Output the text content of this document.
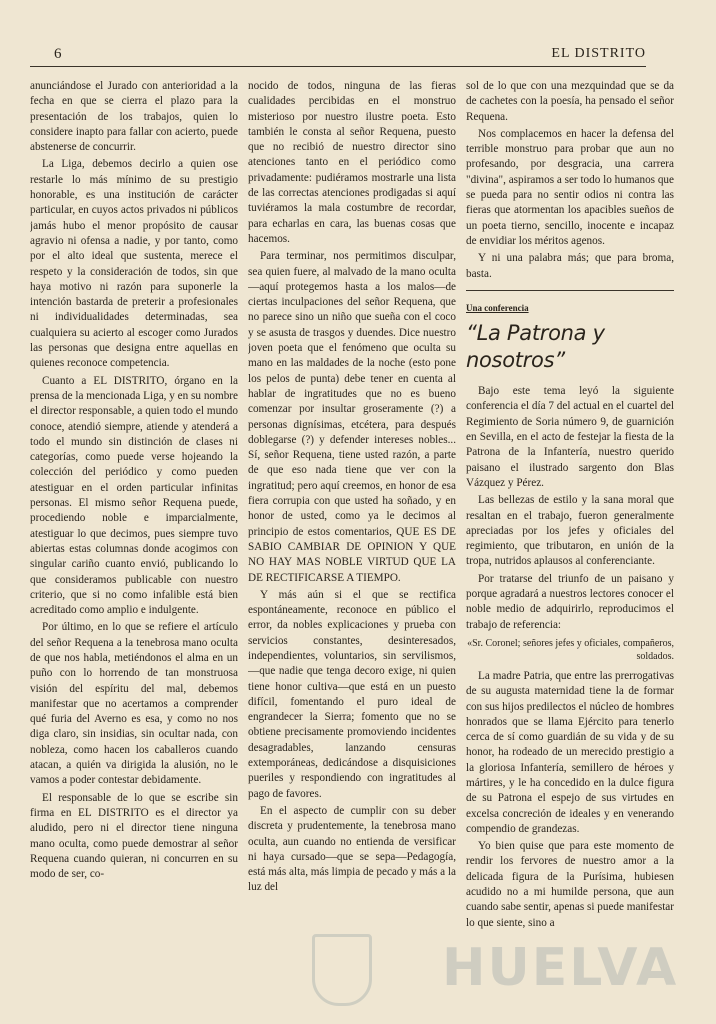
6	EL DISTRITO

anunciándose el Jurado con anterioridad a la fecha en que se cierra el plazo para la presentación de los trabajos, quien lo considere inapto para fallar con acierto, puede abstenerse de concurrir.

La Liga, debemos decirlo a quien ose restarle lo más mínimo de su prestigio honorable, es una institución de carácter particular, en cuyos actos privados ni públicos jamás hubo el menor propósito de causar agravio ni ofensa a nadie, y por tanto, como por el alto ideal que sustenta, merece el respeto y la consideración de todos, sin que haya motivo ni razón para suponerle la intención bastarda de preterir a profesionales ni individualidades determinadas, sea cualquiera su acierto al escoger como Jurados las personas que designa entre aquellas en quienes reconoce competencia.

Cuanto a EL DISTRITO, órgano en la prensa de la mencionada Liga, y en su nombre el director responsable, a quien todo el mundo conoce, atendió siempre, atiende y atenderá a todo el mundo sin distinción de clases ni categorías, como puede verse hojeando la colección del periódico y como pueden atestiguar en el orden particular infinitas personas. El mismo señor Requena puede, procediendo noble e imparcialmente, atestiguar lo que decimos, pues siempre tuvo abiertas estas columnas donde acogimos con singular cariño cuanto envió, publicando lo que consideramos publicable con nuestro criterio, que si no como infalible está bien acreditado como amplio e indulgente.

Por último, en lo que se refiere el artículo del señor Requena a la tenebrosa mano oculta de que nos habla, metiéndonos el alma en un puño con lo horrendo de tan monstruosa visión del espíritu del mal, debemos manifestar que no acertamos a comprender qué furia del Averno es esa, y como no nos diga claro, sin insidias, sin ocultar nada, con nobleza, como hacen los caballeros cuando atacan, a quién va dirigida la alusión, no le vamos a poder contestar debidamente.

El responsable de lo que se escribe sin firma en EL DISTRITO es el director ya aludido, pero ni el director tiene ninguna mano oculta, como puede demostrar al señor Requena cuando quieran, ni concurren en su modo de ser, co-

nocido de todos, ninguna de las fieras cualidades percibidas en el monstruo misterioso por nuestro ilustre poeta. Esto también le consta al señor Requena, puesto que no recibió de nuestro director sino atenciones tanto en el periódico como privadamente: pudiéramos mostrarle una lista de las correctas atenciones prodigadas si aquí tuviéramos la mala costumbre de recordar, para echarlas en cara, las buenas cosas que hacemos.

Para terminar, nos permitimos disculpar, sea quien fuere, al malvado de la mano oculta—aquí protegemos hasta a los malos—de ciertas inculpaciones del señor Requena, que no parece sino un niño que sueña con el coco y se asusta de trasgos y duendes. Dice nuestro joven poeta que el fenómeno que oculta su mano en las maldades de la noche (esto pone los pelos de punta) debe tener en cuenta al hablar de ingratitudes que no es bueno comenzar por insultar groseramente (?) a personas dignísimas, etcétera, para después doblegarse (?) y defender intereses nobles... Sí, señor Requena, tiene usted razón, a parte de que eso nada tiene que ver con la ingratitud; pero aquí creemos, en honor de esa fiera corrupia con que usted ha soñado, y en honor de usted, como ya le decimos al principio de estos comentarios, QUE ES DE SABIO CAMBIAR DE OPINION Y QUE NO HAY MAS NOBLE VIRTUD QUE LA DE RECTIFICARSE A TIEMPO.

Y más aún si el que se rectifica espontáneamente, reconoce en público el error, da nobles explicaciones y prueba con servicios constantes, desinteresados, independientes, voluntarios, sin servilismos,—que nadie que tenga decoro exige, ni quien tiene honor cultiva—que está en un puesto difícil, fomentando el puro ideal de engrandecer la Sierra; fomento que no se obtiene precisamente promoviendo incidentes desagradables, lanzando censuras extemporáneas, dedicándose a disquisiciones pueriles y respondiendo con ingratitudes al pago de favores.

En el aspecto de cumplir con su deber discreta y prudentemente, la tenebrosa mano oculta, aun cuando no entienda de versificar ni haya cursado—que se sepa—Pedagogía, está más alta, más limpia de pecado y más a la luz del

sol de lo que con una mezquindad que se da de cachetes con la poesía, ha pensado el señor Requena.

Nos complacemos en hacer la defensa del terrible monstruo para probar que aun no profesando, por desgracia, una carrera "divina", aspiramos a ser todo lo humanos que se pueda para no sentir odios ni contra las fieras que atormentan los apacibles sueños de un poeta tierno, sencillo, inocente e incapaz de envidiar los méritos agenos.

Y ni una palabra más; que para broma, basta.

Una conferencia

“La Patrona y nosotros”

Bajo este tema leyó la siguiente conferencia el día 7 del actual en el cuartel del Regimiento de Soria número 9, de guarnición en Sevilla, en el acto de festejar la fiesta de la Patrona de la Infantería, nuestro querido paisano el ilustrado sargento don Blas Vázquez y Pérez.

Las bellezas de estilo y la sana moral que resaltan en el trabajo, fueron generalmente apreciadas por los jefes y oficiales del regimiento, que tributaron, en unión de la tropa, nutridos aplausos al conferenciante.

Por tratarse del triunfo de un paisano y porque agradará a nuestros lectores conocer el noble medio de adquirirlo, reproducimos el trabajo de referencia:

«Sr. Coronel; señores jefes y oficiales, compañeros, soldados.

La madre Patria, que entre las prerrogativas de su augusta maternidad tiene la de formar con sus hijos predilectos el núcleo de hombres honrados que se llama Ejército para tenerlo cerca de sí como guardián de su vida y de su honor, ha rodeado de un merecido prestigio a la gloriosa Infantería, semillero de héroes y mártires, y le ha concedido en la dulce figura de su Patrona el espejo de sus virtudes en excelsa concreción de ideales y en venerando compendio de grandezas.

Yo bien quise que para este momento de rendir los fervores de nuestro amor a la delicada figura de la Purísima, hubiesen acudido no a mi humilde persona, que aun cuando sabe sentir, apenas si puede manifestar lo que siente, sino a

HUELVA
